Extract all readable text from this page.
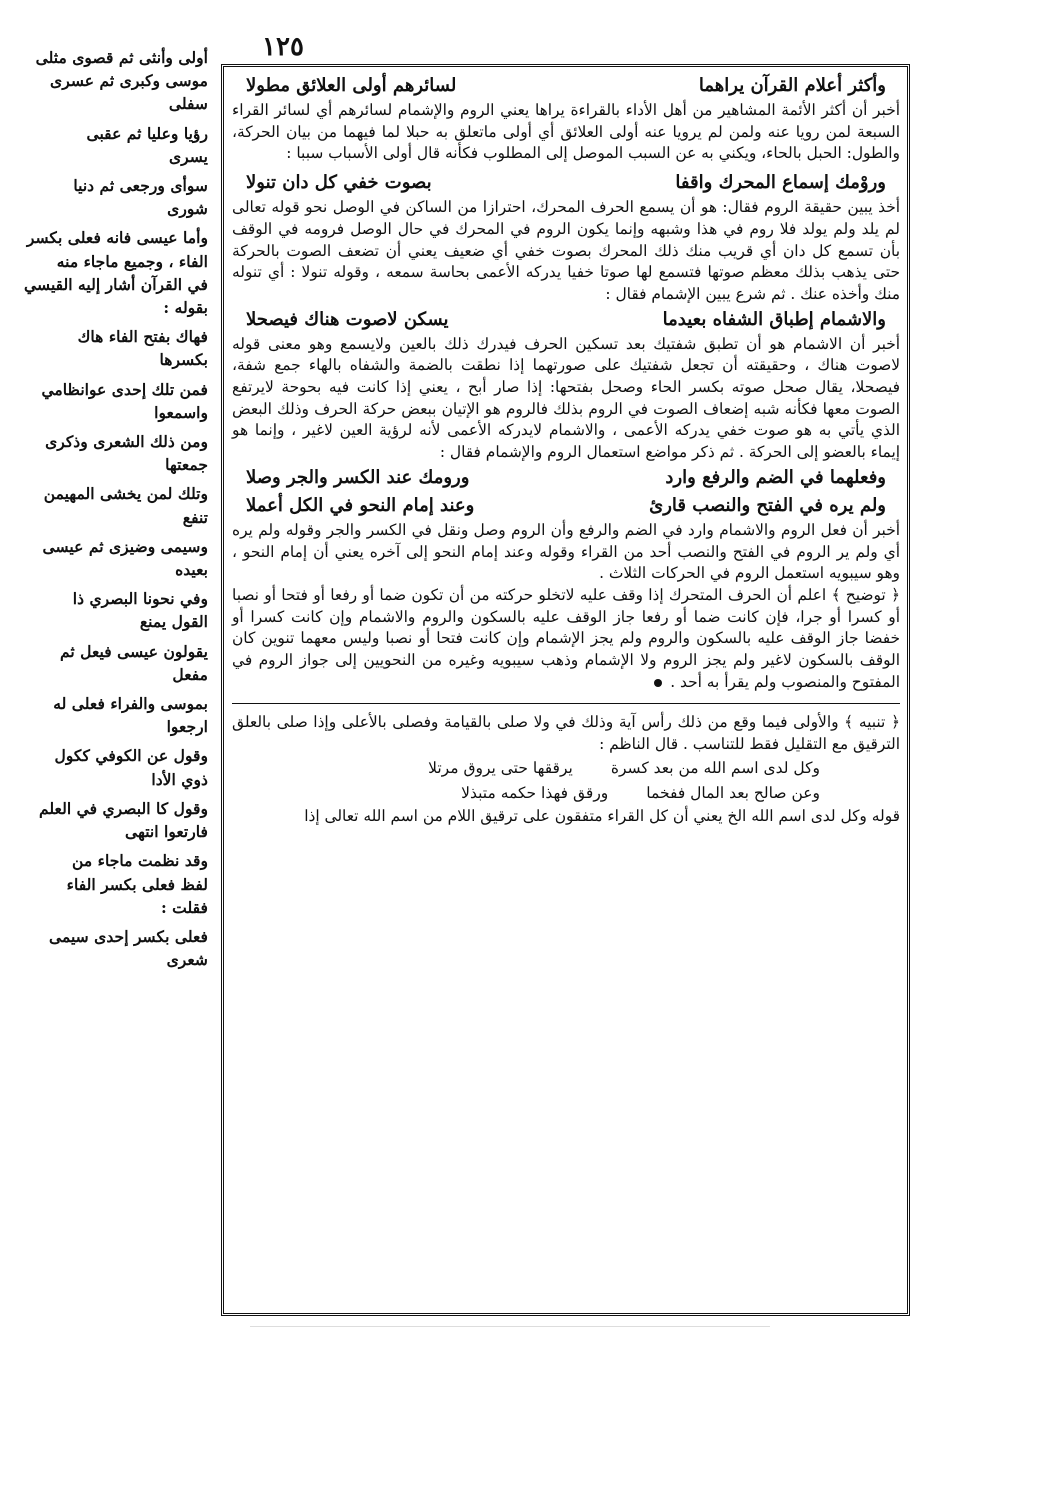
١٢٥
وأكثر أعلام القرآن يراهما
لسائرهم أولى العلائق مطولا

أخبر أن أكثر الأئمة المشاهير من أهل الأداء بالقراءة يراها يعني الروم والإشمام لسائرهم أي لسائر القراء السبعة لمن رويا عنه ولمن لم يرويا عنه أولى العلائق أي أولى ماتعلق به حبلا لما فيهما من بيان الحركة، والطول: الحبل بالحاء، ويكني به عن السبب الموصل إلى المطلوب فكأنه قال أولى الأسباب سببا :

وروْمك إسماع المحرك واقفا
بصوت خفي كل دان تنولا

أخذ يبين حقيقة الروم فقال: هو أن يسمع الحرف المحرك، احترازا من الساكن في الوصل نحو قوله تعالى لم يلد ولم يولد فلا روم في هذا وشبهه وإنما يكون الروم في المحرك في حال الوصل فرومه في الوقف بأن تسمع كل دان أي قريب منك ذلك المحرك بصوت خفي أي ضعيف يعني أن تضعف الصوت بالحركة حتى يذهب بذلك معظم صوتها فتسمع لها صوتا خفيا يدركه الأعمى بحاسة سمعه ، وقوله تنولا : أي تنوله منك وأخذه عنك . ثم شرع يبين الإشمام فقال :

والاشمام إطباق الشفاه بعيدما
يسكن لاصوت هناك فيصحلا

أخبر أن الاشمام هو أن تطبق شفتيك بعد تسكين الحرف فيدرك ذلك بالعين ولايسمع وهو معنى قوله لاصوت هناك ، وحقيقته أن تجعل شفتيك على صورتهما إذا نطقت بالضمة والشفاه بالهاء جمع شفة، فيصحلا، يقال صحل صوته بكسر الحاء وصحل بفتحها: إذا صار أبح ، يعني إذا كانت فيه بحوحة لايرتفع الصوت معها فكأنه شبه إضعاف الصوت في الروم بذلك فالروم هو الإتيان ببعض حركة الحرف وذلك البعض الذي يأتي به هو صوت خفي يدركه الأعمى ، والاشمام لايدركه الأعمى لأنه لرؤية العين لاغير ، وإنما هو إيماء بالعضو إلى الحركة . ثم ذكر مواضع استعمال الروم والإشمام فقال :

وفعلهما في الضم والرفع وارد
ورومك عند الكسر والجر وصلا
ولم يره في الفتح والنصب قارئ
وعند إمام النحو في الكل أعملا

أخبر أن فعل الروم والاشمام وارد في الضم والرفع وأن الروم وصل ونقل في الكسر والجر وقوله ولم يره أي ولم ير الروم في الفتح والنصب أحد من القراء وقوله وعند إمام النحو إلى آخره يعني أن إمام النحو ، وهو سيبويه استعمل الروم في الحركات الثلاث .

﴿ توضيح ﴾ اعلم أن الحرف المتحرك إذا وقف عليه لاتخلو حركته من أن تكون ضما أو رفعا أو فتحا أو نصبا أو كسرا أو جرا، فإن كانت ضما أو رفعا جاز الوقف عليه بالسكون والروم والاشمام وإن كانت كسرا أو خفضا جاز الوقف عليه بالسكون والروم ولم يجز الإشمام وإن كانت فتحا أو نصبا وليس معهما تنوين كان الوقف بالسكون لاغير ولم يجز الروم ولا الإشمام وذهب سيبويه وغيره من النحويين إلى جواز الروم في المفتوح والمنصوب ولم يقرأ به أحد .

﴿ تنبيه ﴾ والأولى فيما وقع من ذلك رأس آية وذلك في ولا صلى بالقيامة وفصلى بالأعلى وإذا صلى بالعلق الترقيق مع التقليل فقط للتناسب . قال الناظم :

وكل لدى اسم الله من بعد كسرة
يرققها حتى يروق مرتلا
وعن صالح بعد المال ففخما
ورقق فهذا حكمه متبذلا

قوله وكل لدى اسم الله الخ يعني أن كل القراء متفقون على ترقيق اللام من اسم الله تعالى إذا

أولى وأنثى ثم قصوى مثلى

موسى وكبرى ثم عسرى

سفلى

رؤيا وعليا ثم عقبى

يسرى

سوأى ورجعى ثم دنيا

شورى

وأما عيسى فانه فعلى بكسر

الفاء ، وجميع ماجاء منه

في القرآن أشار إليه القيسي

بقوله :

فهاك بفتح الفاء هاك

بكسرها

فمن تلك إحدى عوانظامي

واسمعوا

ومن ذلك الشعرى وذكرى

جمعتها

وتلك لمن يخشى المهيمن

تنفع

وسيمى وضيزى ثم عيسى

بعيده

وفي نحونا البصري ذا

القول يمنع

يقولون عيسى فيعل ثم

مفعل

بموسى والفراء فعلى له

ارجعوا

وقول عن الكوفي ككول

ذوي الأدا

وقول كا البصري في العلم

فارتعوا انتهى

وقد نظمت ماجاء من

لفظ فعلى بكسر الفاء

فقلت :

فعلى بكسر إحدى سيمى

شعرى
